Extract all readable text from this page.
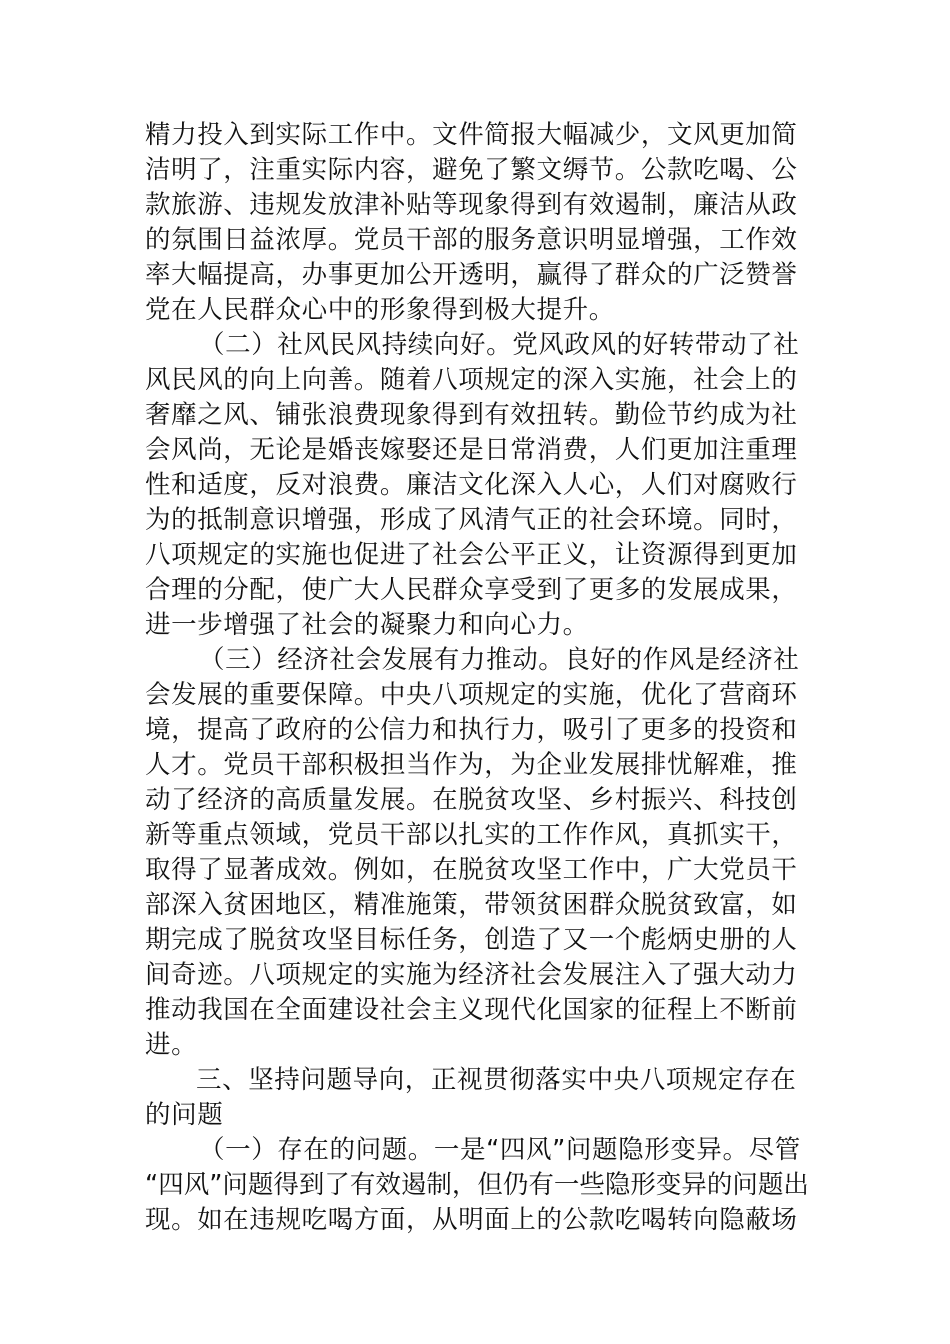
精力投入到实际工作中。文件简报大幅减少，文风更加简
洁明了，注重实际内容，避免了繁文缛节。公款吃喝、公
款旅游、违规发放津补贴等现象得到有效遏制，廉洁从政
的氛围日益浓厚。党员干部的服务意识明显增强，工作效
率大幅提高，办事更加公开透明，赢得了群众的广泛赞誉
党在人民群众心中的形象得到极大提升。
（二）社风民风持续向好。党风政风的好转带动了社
风民风的向上向善。随着八项规定的深入实施，社会上的
奢靡之风、铺张浪费现象得到有效扭转。勤俭节约成为社
会风尚，无论是婚丧嫁娶还是日常消费，人们更加注重理
性和适度，反对浪费。廉洁文化深入人心，人们对腐败行
为的抵制意识增强，形成了风清气正的社会环境。同时，
八项规定的实施也促进了社会公平正义，让资源得到更加
合理的分配，使广大人民群众享受到了更多的发展成果，
进一步增强了社会的凝聚力和向心力。
（三）经济社会发展有力推动。良好的作风是经济社
会发展的重要保障。中央八项规定的实施，优化了营商环
境，提高了政府的公信力和执行力，吸引了更多的投资和
人才。党员干部积极担当作为，为企业发展排忧解难，推
动了经济的高质量发展。在脱贫攻坚、乡村振兴、科技创
新等重点领域，党员干部以扎实的工作作风，真抓实干，
取得了显著成效。例如，在脱贫攻坚工作中，广大党员干
部深入贫困地区，精准施策，带领贫困群众脱贫致富，如
期完成了脱贫攻坚目标任务，创造了又一个彪炳史册的人
间奇迹。八项规定的实施为经济社会发展注入了强大动力
推动我国在全面建设社会主义现代化国家的征程上不断前
进。
三、坚持问题导向，正视贯彻落实中央八项规定存在
的问题
（一）存在的问题。一是“四风”问题隐形变异。尽管
“四风”问题得到了有效遏制，但仍有一些隐形变异的问题出
现。如在违规吃喝方面，从明面上的公款吃喝转向隐蔽场
